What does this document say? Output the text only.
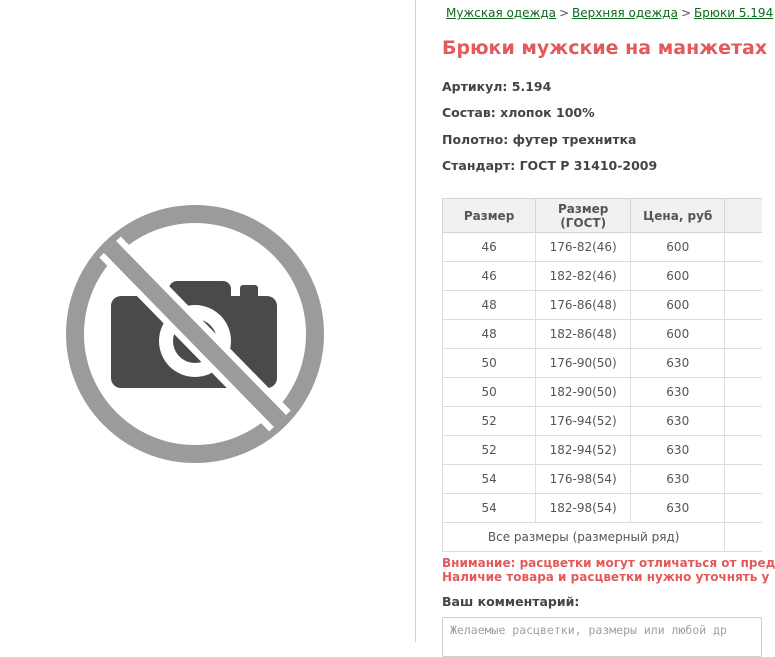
Мужская одежда > Верхняя одежда > Брюки 5.194
Брюки мужские на манжетах
Артикул: 5.194
Состав: хлопок 100%
Полотно: футер трехнитка
Стандарт: ГОСТ Р 31410-2009
Размер	Размер (ГОСТ)	Цена, руб	
46	176-82(46)	600	
46	182-82(46)	600	
48	176-86(48)	600	
48	182-86(48)	600	
50	176-90(50)	630	
50	182-90(50)	630	
52	176-94(52)	630	
52	182-94(52)	630	
54	176-98(54)	630	
54	182-98(54)	630	
Все размеры (размерный ряд)			
Внимание: расцветки могут отличаться от пред
Наличие товара и расцветки нужно уточнять у
Ваш комментарий:
Желаемые расцветки, размеры или любой др
